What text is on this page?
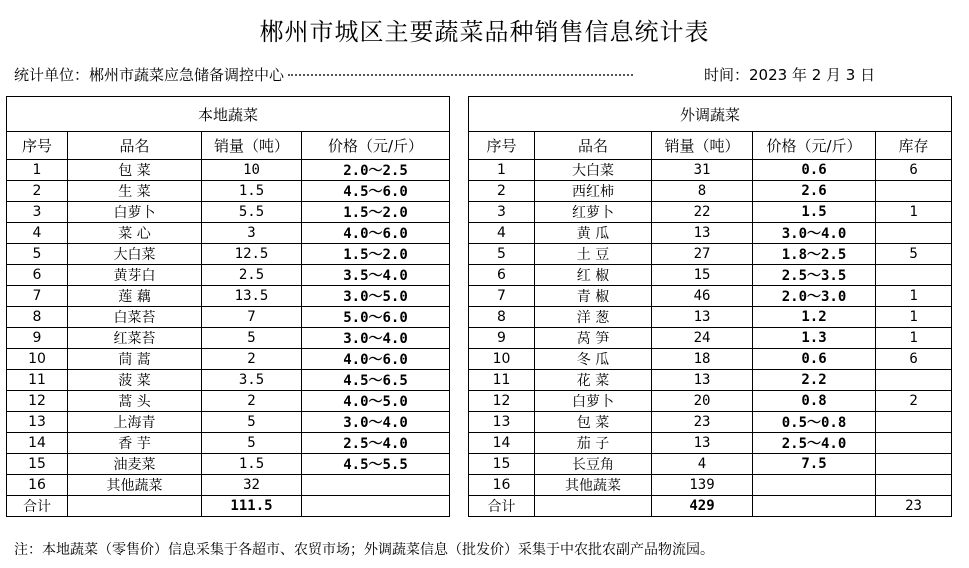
郴州市城区主要蔬菜品种销售信息统计表
统计单位：郴州市蔬菜应急储备调控中心	时间：2023 年 2 月 3 日
本地蔬菜					外调蔬菜				
序号	品名	销量（吨）	价格（元/斤）		序号	品名	销量（吨）	价格（元/斤）	库存
1	包 菜	10	2.0～2.5		1	大白菜	31	0.6	6
2	生 菜	1.5	4.5～6.0		2	西红柿	8	2.6	
3	白萝卜	5.5	1.5～2.0		3	红萝卜	22	1.5	1
4	菜 心	3	4.0～6.0		4	黄 瓜	13	3.0～4.0	
5	大白菜	12.5	1.5～2.0		5	土 豆	27	1.8～2.5	5
6	黄芽白	2.5	3.5～4.0		6	红 椒	15	2.5～3.5	
7	莲 藕	13.5	3.0～5.0		7	青 椒	46	2.0～3.0	1
8	白菜苔	7	5.0～6.0		8	洋 葱	13	1.2	1
9	红菜苔	5	3.0～4.0		9	莴 笋	24	1.3	1
10	茼 蒿	2	4.0～6.0		10	冬 瓜	18	0.6	6
11	菠 菜	3.5	4.5～6.5		11	花 菜	13	2.2	
12	蒿 头	2	4.0～5.0		12	白萝卜	20	0.8	2
13	上海青	5	3.0～4.0		13	包 菜	23	0.5～0.8	
14	香 芋	5	2.5～4.0		14	茄 子	13	2.5～4.0	
15	油麦菜	1.5	4.5～5.5		15	长豆角	4	7.5	
16	其他蔬菜	32			16	其他蔬菜	139		
合计		111.5			合计		429		23
注：本地蔬菜（零售价）信息采集于各超市、农贸市场；外调蔬菜信息（批发价）采集于中农批农副产品物流园。
